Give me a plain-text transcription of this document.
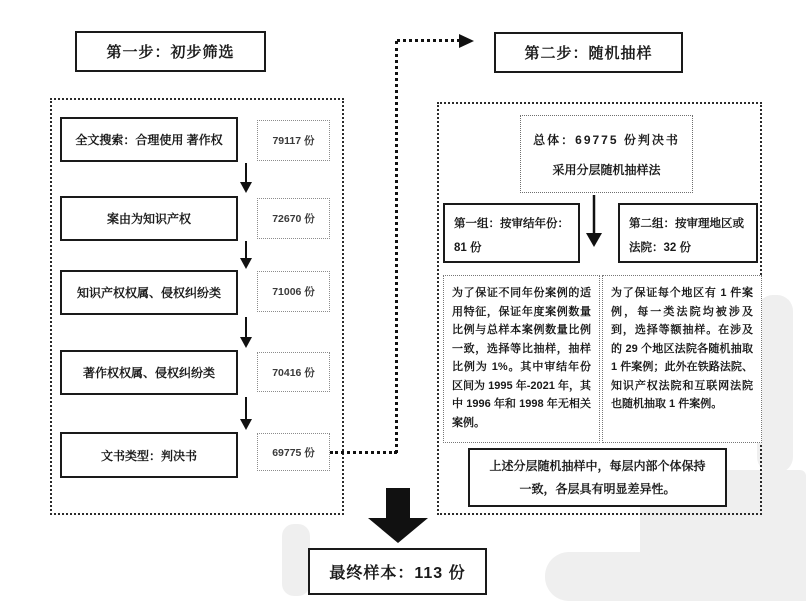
第一步：初步筛选	第二步：随机抽样
全文搜索：合理使用 著作权	79117 份
案由为知识产权	72670 份
知识产权权属、侵权纠纷类	71006 份
著作权权属、侵权纠纷类	70416 份
文书类型：判决书	69775 份
总体：69775 份判决书
采用分层随机抽样法
第一组：按审结年份：81 份
第二组：按审理地区或法院：32 份
为了保证不同年份案例的适用特征，保证年度案例数量比例与总样本案例数量比例一致，选择等比抽样，抽样比例为 1%。其中审结年份区间为 1995 年-2021 年，其中 1996 年和 1998 年无相关案例。
为了保证每个地区有 1 件案例，每一类法院均被涉及到，选择等额抽样。在涉及的 29 个地区法院各随机抽取 1 件案例；此外在铁路法院、知识产权法院和互联网法院也随机抽取 1 件案例。
上述分层随机抽样中，每层内部个体保持一致，各层具有明显差异性。
最终样本：113 份
